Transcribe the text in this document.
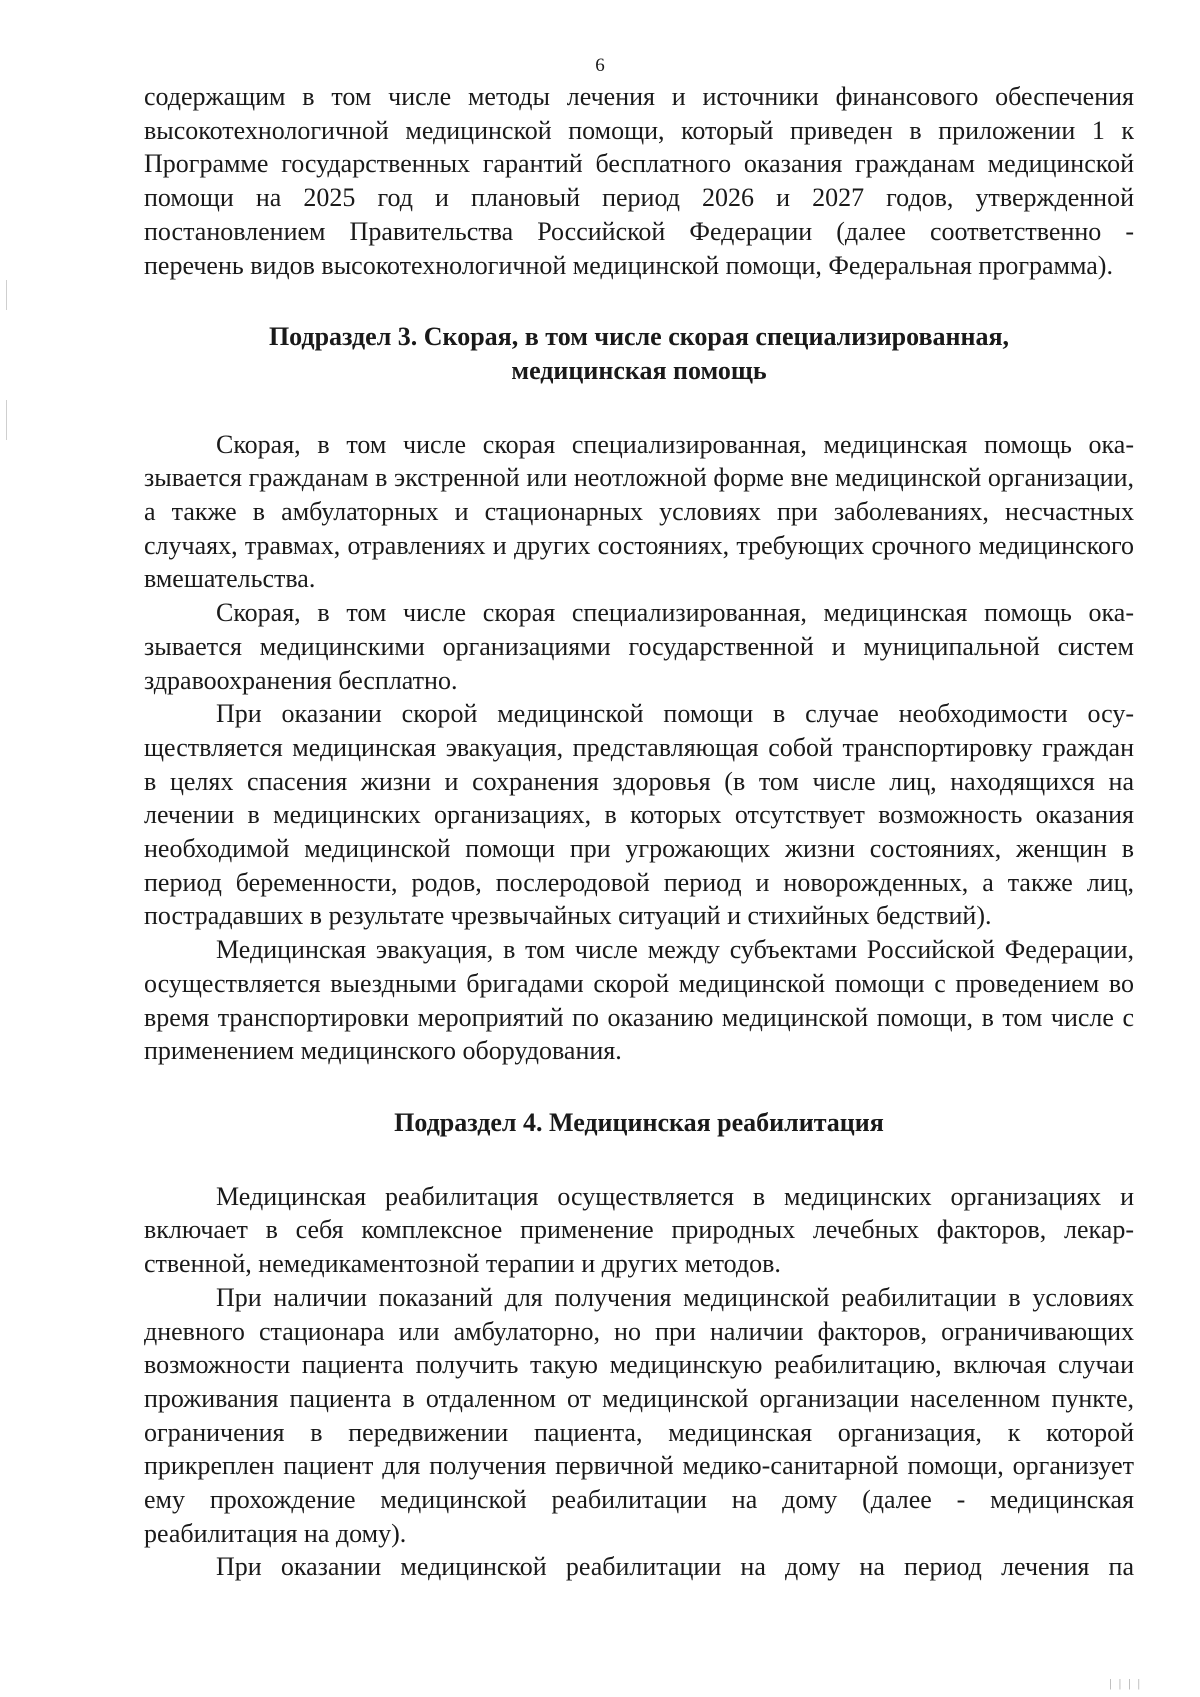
6

содержащим в том числе методы лечения и источники финансового обеспечения высокотехнологичной медицинской помощи, который приведен в приложении 1 к Программе государственных гарантий бесплатного оказания гражданам медицинской помощи на 2025 год и плановый период 2026 и 2027 годов, утвержденной постановлением Правительства Российской Федерации (далее соответственно - перечень видов высокотехнологичной медицинской помощи, Федеральная программа).

Подраздел 3. Скорая, в том числе скорая специализированная,
медицинская помощь

Скорая, в том числе скорая специализированная, медицинская помощь оказывается гражданам в экстренной или неотложной форме вне медицинской организации, а также в амбулаторных и стационарных условиях при заболеваниях, несчастных случаях, травмах, отравлениях и других состояниях, требующих срочного медицинского вмешательства.

Скорая, в том числе скорая специализированная, медицинская помощь оказывается медицинскими организациями государственной и муниципальной систем здравоохранения бесплатно.

При оказании скорой медицинской помощи в случае необходимости осуществляется медицинская эвакуация, представляющая собой транспортировку граждан в целях спасения жизни и сохранения здоровья (в том числе лиц, находящихся на лечении в медицинских организациях, в которых отсутствует возможность оказания необходимой медицинской помощи при угрожающих жизни состояниях, женщин в период беременности, родов, послеродовой период и новорожденных, а также лиц, пострадавших в результате чрезвычайных ситуаций и стихийных бедствий).

Медицинская эвакуация, в том числе между субъектами Российской Федерации, осуществляется выездными бригадами скорой медицинской помощи с проведением во время транспортировки мероприятий по оказанию медицинской помощи, в том числе с применением медицинского оборудования.

Подраздел 4. Медицинская реабилитация

Медицинская реабилитация осуществляется в медицинских организациях и включает в себя комплексное применение природных лечебных факторов, лекарственной, немедикаментозной терапии и других методов.

При наличии показаний для получения медицинской реабилитации в условиях дневного стационара или амбулаторно, но при наличии факторов, ограничивающих возможности пациента получить такую медицинскую реабилитацию, включая случаи проживания пациента в отдаленном от медицинской организации населенном пункте, ограничения в передвижении пациента, медицинская организация, к которой прикреплен пациент для получения первичной медико-санитарной помощи, организует ему прохождение медицинской реабилитации на дому (далее - медицинская реабилитация на дому).

При оказании медицинской реабилитации на дому на период лечения па

| | | |
